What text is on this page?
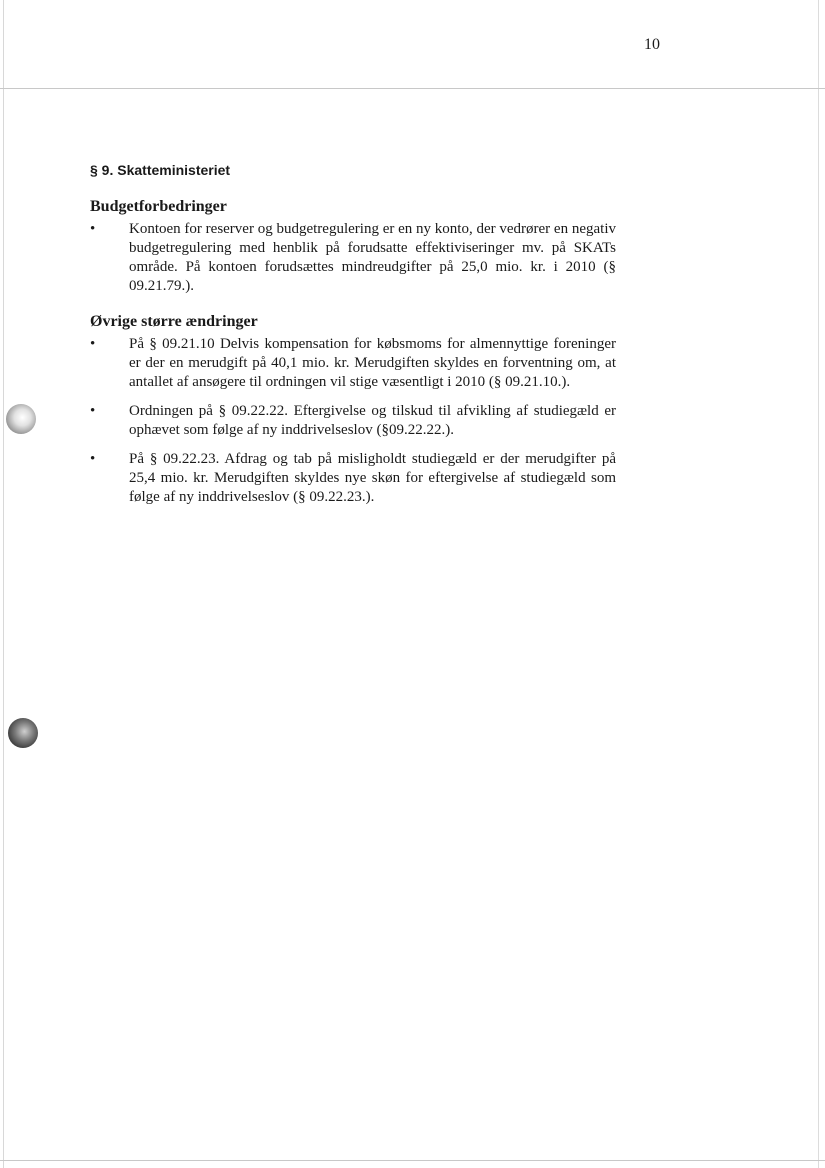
10
§ 9. Skatteministeriet
Budgetforbedringer
• Kontoen for reserver og budgetregulering er en ny konto, der vedrører en negativ budgetregulering med henblik på forudsatte effektiviseringer mv. på SKATs område. På kontoen forudsættes mindreudgifter på 25,0 mio. kr. i 2010 (§ 09.21.79.).
Øvrige større ændringer
• På § 09.21.10 Delvis kompensation for købsmoms for almennyttige foreninger er der en merudgift på 40,1 mio. kr. Merudgiften skyldes en forventning om, at antallet af ansøgere til ordningen vil stige væsentligt i 2010 (§ 09.21.10.).
• Ordningen på § 09.22.22. Eftergivelse og tilskud til afvikling af studiegæld er ophævet som følge af ny inddrivelseslov (§09.22.22.).
• På § 09.22.23. Afdrag og tab på misligholdt studiegæld er der merudgifter på 25,4 mio. kr. Merudgiften skyldes nye skøn for eftergivelse af studiegæld som følge af ny inddrivelseslov (§ 09.22.23.).
